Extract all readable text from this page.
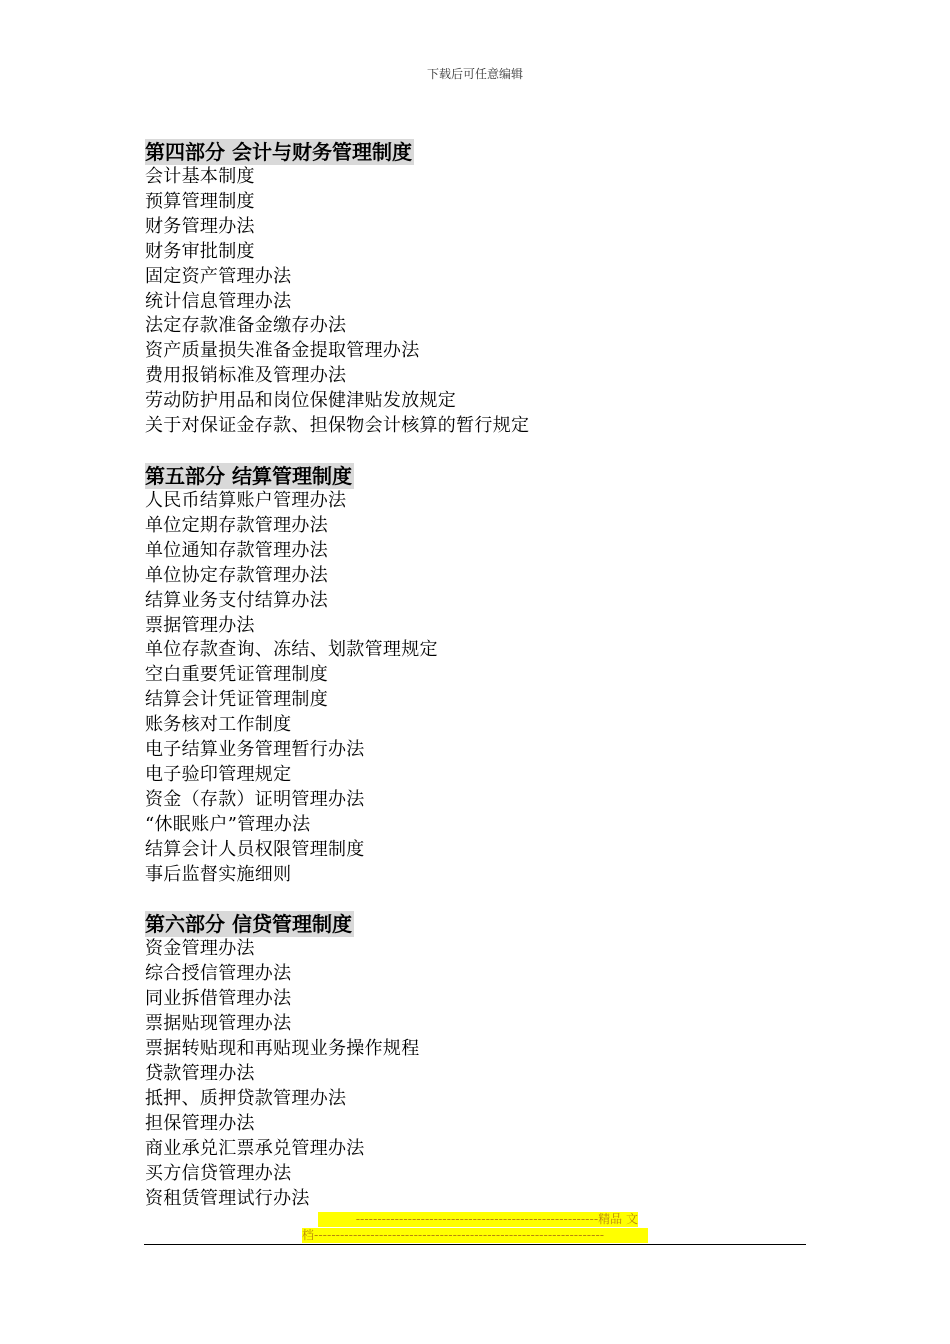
下载后可任意编辑
第四部分 会计与财务管理制度
会计基本制度
预算管理制度
财务管理办法
财务审批制度
固定资产管理办法
统计信息管理办法
法定存款准备金缴存办法
资产质量损失准备金提取管理办法
费用报销标准及管理办法
劳动防护用品和岗位保健津贴发放规定
关于对保证金存款、担保物会计核算的暂行规定
第五部分 结算管理制度
人民币结算账户管理办法
单位定期存款管理办法
单位通知存款管理办法
单位协定存款管理办法
结算业务支付结算办法
票据管理办法
单位存款查询、冻结、划款管理规定
空白重要凭证管理制度
结算会计凭证管理制度
账务核对工作制度
电子结算业务管理暂行办法
电子验印管理规定
资金（存款）证明管理办法
“休眠账户”管理办法
结算会计人员权限管理制度
事后监督实施细则
第六部分 信贷管理制度
资金管理办法
综合授信管理办法
同业拆借管理办法
票据贴现管理办法
票据转贴现和再贴现业务操作规程
贷款管理办法
抵押、质押贷款管理办法
担保管理办法
商业承兑汇票承兑管理办法
买方信贷管理办法
资租赁管理试行办法
--------------------------------------------------------精品 文
档-------------------------------------------------------------------
